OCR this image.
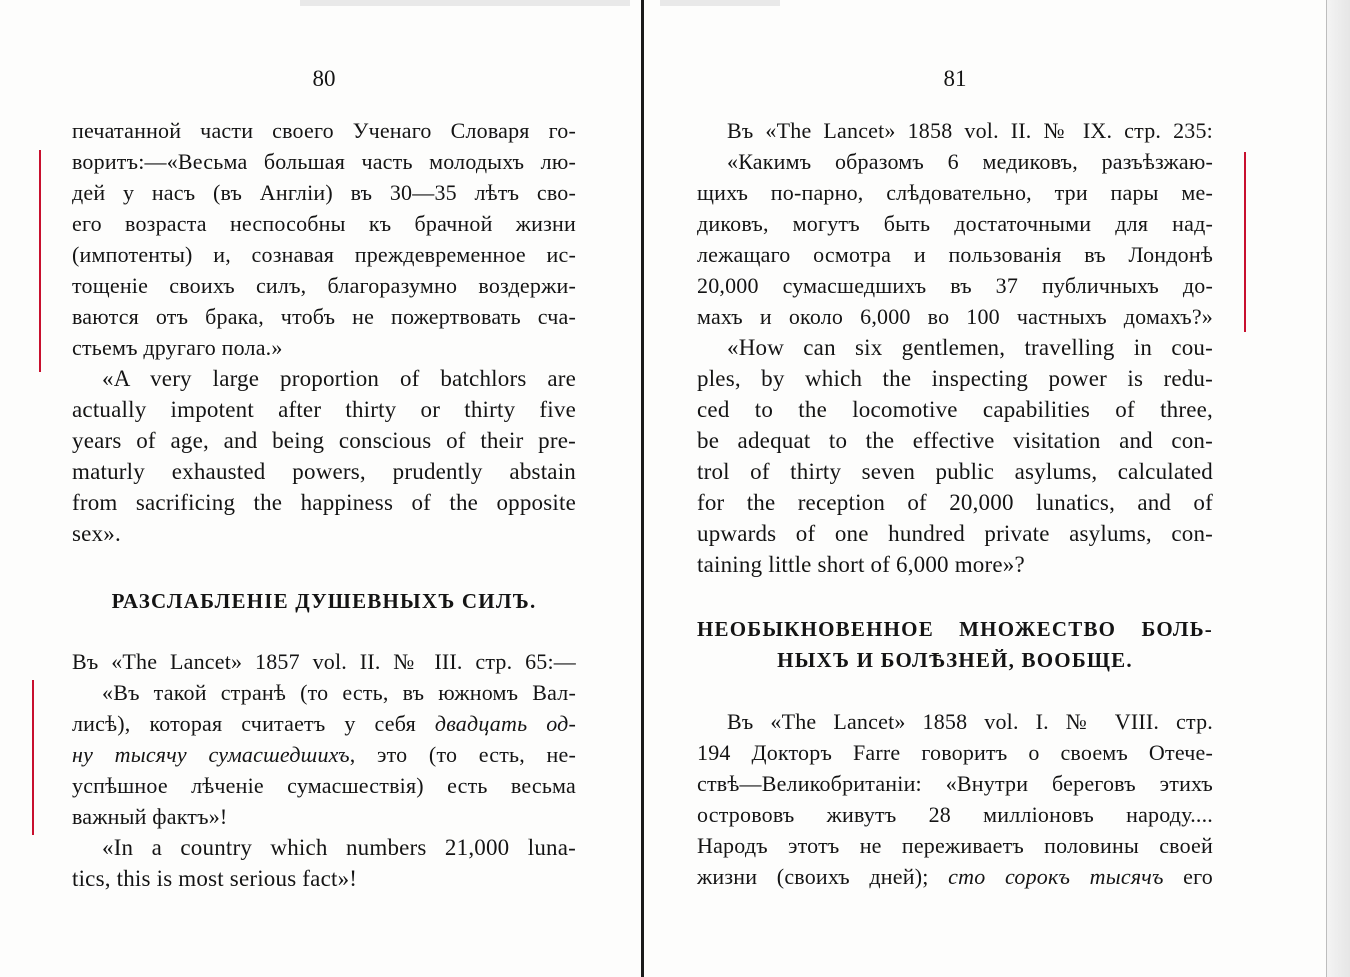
80
печатанной части своего Ученаго Словаря го-
воритъ:—«Весьма большая часть молодыхъ лю-
дей у насъ (въ Англіи) въ 30—35 лѣтъ сво-
его возраста неспособны къ брачной жизни
(импотенты) и, сознавая преждевременное ис-
тощеніе своихъ силъ, благоразумно воздержи-
ваются отъ брака, чтобъ не пожертвовать сча-
стьемъ другаго пола.»
«A very large proportion of batchlors are
actually impotent after thirty or thirty five
years of age, and being conscious of their pre-
maturly exhausted powers, prudently abstain
from sacrificing the happiness of the opposite
sex».
РАЗСЛАБЛЕНІЕ ДУШЕВНЫХЪ СИЛЪ.
Въ «The Lancet» 1857 vol. II. № III. стр. 65:—
«Въ такой странѣ (то есть, въ южномъ Вал-
лисѣ), которая считаетъ у себя двадцать од-
ну тысячу сумасшедшихъ, это (то есть, не-
успѣшное лѣченіе сумасшествія) есть весьма
важный фактъ»!
«In a country which numbers 21,000 luna-
tics, this is most serious fact»!
81
Въ «The Lancet» 1858 vol. II. № IX. стр. 235:
«Какимъ образомъ 6 медиковъ, разъѣзжаю-
щихъ по-парно, слѣдовательно, три пары ме-
диковъ, могутъ быть достаточными для над-
лежащаго осмотра и пользованія въ Лондонѣ
20,000 сумасшедшихъ въ 37 публичныхъ до-
махъ и около 6,000 во 100 частныхъ домахъ?»
«How can six gentlemen, travelling in cou-
ples, by which the inspecting power is redu-
ced to the locomotive capabilities of three,
be adequat to the effective visitation and con-
trol of thirty seven public asylums, calculated
for the reception of 20,000 lunatics, and of
upwards of one hundred private asylums, con-
taining little short of 6,000 more»?
НЕОБЫКНОВЕННОЕ МНОЖЕСТВО БОЛЬ-
НЫХЪ И БОЛѢЗНЕЙ, ВООБЩЕ.
Въ «The Lancet» 1858 vol. I. № VIII. стр.
194 Докторъ Farre говоритъ о своемъ Отече-
ствѣ—Великобританіи: «Внутри береговъ этихъ
острововъ живутъ 28 милліоновъ народу....
Народъ этотъ не переживаетъ половины своей
жизни (своихъ дней); сто сорокъ тысячъ его
